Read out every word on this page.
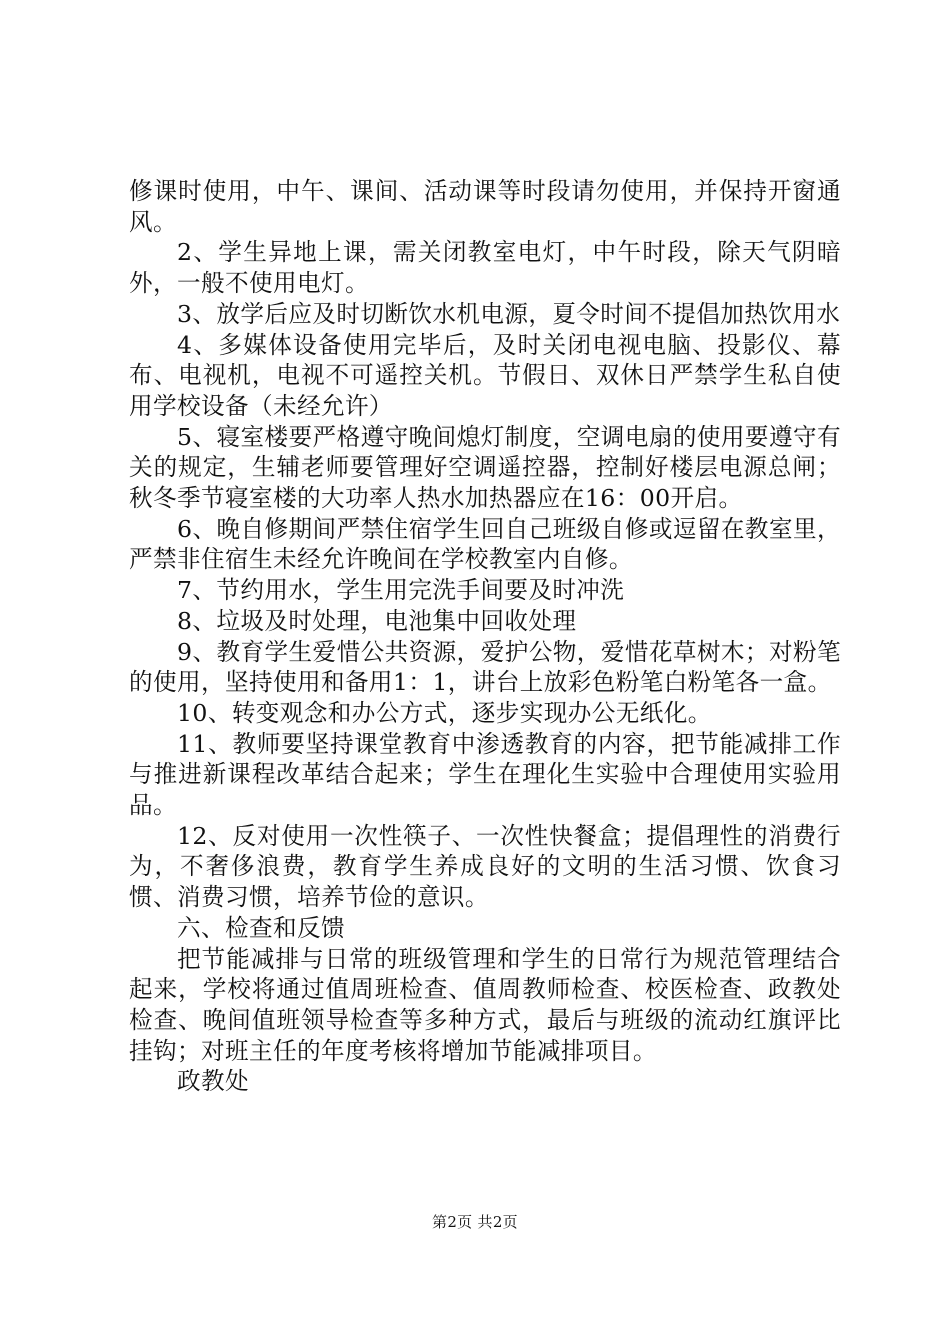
修课时使用，中午、课间、活动课等时段请勿使用，并保持开窗通风。

2、学生异地上课，需关闭教室电灯，中午时段，除天气阴暗外，一般不使用电灯。

3、放学后应及时切断饮水机电源，夏令时间不提倡加热饮用水

4、多媒体设备使用完毕后，及时关闭电视电脑、投影仪、幕布、电视机，电视不可遥控关机。节假日、双休日严禁学生私自使用学校设备（未经允许）

5、寝室楼要严格遵守晚间熄灯制度，空调电扇的使用要遵守有关的规定，生辅老师要管理好空调遥控器，控制好楼层电源总闸；秋冬季节寝室楼的大功率人热水加热器应在16：00开启。

6、晚自修期间严禁住宿学生回自己班级自修或逗留在教室里，严禁非住宿生未经允许晚间在学校教室内自修。

7、节约用水，学生用完洗手间要及时冲洗

8、垃圾及时处理，电池集中回收处理

9、教育学生爱惜公共资源，爱护公物，爱惜花草树木；对粉笔的使用，坚持使用和备用1：1，讲台上放彩色粉笔白粉笔各一盒。

10、转变观念和办公方式，逐步实现办公无纸化。

11、教师要坚持课堂教育中渗透教育的内容，把节能减排工作与推进新课程改革结合起来；学生在理化生实验中合理使用实验用品。

12、反对使用一次性筷子、一次性快餐盒；提倡理性的消费行为，不奢侈浪费，教育学生养成良好的文明的生活习惯、饮食习惯、消费习惯，培养节俭的意识。

六、检查和反馈

把节能减排与日常的班级管理和学生的日常行为规范管理结合起来，学校将通过值周班检查、值周教师检查、校医检查、政教处检查、晚间值班领导检查等多种方式，最后与班级的流动红旗评比挂钩；对班主任的年度考核将增加节能减排项目。

政教处

第2页 共2页
